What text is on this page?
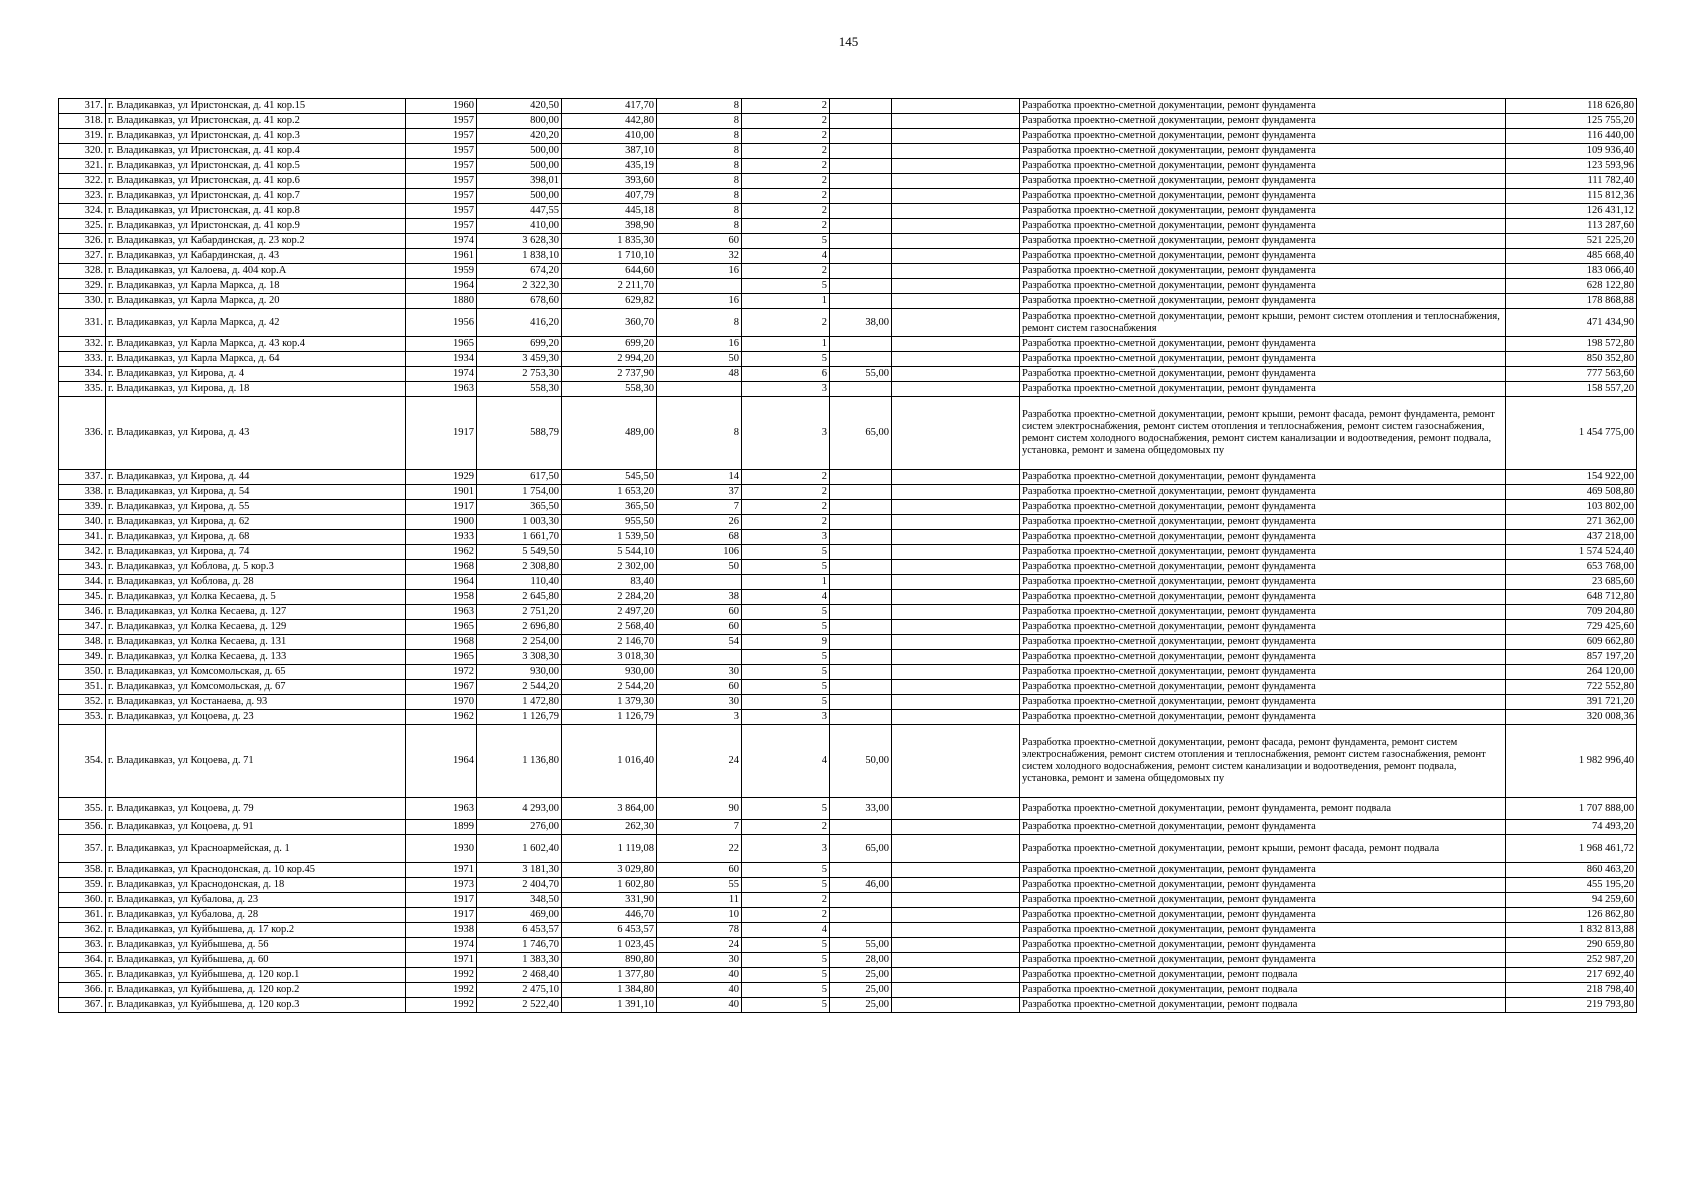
145
317.	г. Владикавказ, ул Иристонская, д. 41 кор.15	1960	420,50	417,70	8	2			Разработка проектно-сметной документации, ремонт фундамента	118 626,80
318.	г. Владикавказ, ул Иристонская, д. 41 кор.2	1957	800,00	442,80	8	2			Разработка проектно-сметной документации, ремонт фундамента	125 755,20
319.	г. Владикавказ, ул Иристонская, д. 41 кор.3	1957	420,20	410,00	8	2			Разработка проектно-сметной документации, ремонт фундамента	116 440,00
320.	г. Владикавказ, ул Иристонская, д. 41 кор.4	1957	500,00	387,10	8	2			Разработка проектно-сметной документации, ремонт фундамента	109 936,40
321.	г. Владикавказ, ул Иристонская, д. 41 кор.5	1957	500,00	435,19	8	2			Разработка проектно-сметной документации, ремонт фундамента	123 593,96
322.	г. Владикавказ, ул Иристонская, д. 41 кор.6	1957	398,01	393,60	8	2			Разработка проектно-сметной документации, ремонт фундамента	111 782,40
323.	г. Владикавказ, ул Иристонская, д. 41 кор.7	1957	500,00	407,79	8	2			Разработка проектно-сметной документации, ремонт фундамента	115 812,36
324.	г. Владикавказ, ул Иристонская, д. 41 кор.8	1957	447,55	445,18	8	2			Разработка проектно-сметной документации, ремонт фундамента	126 431,12
325.	г. Владикавказ, ул Иристонская, д. 41 кор.9	1957	410,00	398,90	8	2			Разработка проектно-сметной документации, ремонт фундамента	113 287,60
326.	г. Владикавказ, ул Кабардинская, д. 23 кор.2	1974	3 628,30	1 835,30	60	5			Разработка проектно-сметной документации, ремонт фундамента	521 225,20
327.	г. Владикавказ, ул Кабардинская, д. 43	1961	1 838,10	1 710,10	32	4			Разработка проектно-сметной документации, ремонт фундамента	485 668,40
328.	г. Владикавказ, ул Калоева, д. 404 кор.А	1959	674,20	644,60	16	2			Разработка проектно-сметной документации, ремонт фундамента	183 066,40
329.	г. Владикавказ, ул Карла Маркса, д. 18	1964	2 322,30	2 211,70		5			Разработка проектно-сметной документации, ремонт фундамента	628 122,80
330.	г. Владикавказ, ул Карла Маркса, д. 20	1880	678,60	629,82	16	1			Разработка проектно-сметной документации, ремонт фундамента	178 868,88
331.	г. Владикавказ, ул Карла Маркса, д. 42	1956	416,20	360,70	8	2	38,00		Разработка проектно-сметной документации, ремонт крыши, ремонт систем отопления и теплоснабжения, ремонт систем газоснабжения	471 434,90
332.	г. Владикавказ, ул Карла Маркса, д. 43 кор.4	1965	699,20	699,20	16	1			Разработка проектно-сметной документации, ремонт фундамента	198 572,80
333.	г. Владикавказ, ул Карла Маркса, д. 64	1934	3 459,30	2 994,20	50	5			Разработка проектно-сметной документации, ремонт фундамента	850 352,80
334.	г. Владикавказ, ул Кирова, д. 4	1974	2 753,30	2 737,90	48	6	55,00		Разработка проектно-сметной документации, ремонт фундамента	777 563,60
335.	г. Владикавказ, ул Кирова, д. 18	1963	558,30	558,30		3			Разработка проектно-сметной документации, ремонт фундамента	158 557,20
336.	г. Владикавказ, ул Кирова, д. 43	1917	588,79	489,00	8	3	65,00		Разработка проектно-сметной документации, ремонт крыши, ремонт фасада, ремонт фундамента, ремонт систем электроснабжения, ремонт систем отопления и теплоснабжения, ремонт систем газоснабжения, ремонт систем холодного водоснабжения, ремонт систем канализации и водоотведения, ремонт подвала, установка, ремонт и замена общедомовых пу	1 454 775,00
337.	г. Владикавказ, ул Кирова, д. 44	1929	617,50	545,50	14	2			Разработка проектно-сметной документации, ремонт фундамента	154 922,00
338.	г. Владикавказ, ул Кирова, д. 54	1901	1 754,00	1 653,20	37	2			Разработка проектно-сметной документации, ремонт фундамента	469 508,80
339.	г. Владикавказ, ул Кирова, д. 55	1917	365,50	365,50	7	2			Разработка проектно-сметной документации, ремонт фундамента	103 802,00
340.	г. Владикавказ, ул Кирова, д. 62	1900	1 003,30	955,50	26	2			Разработка проектно-сметной документации, ремонт фундамента	271 362,00
341.	г. Владикавказ, ул Кирова, д. 68	1933	1 661,70	1 539,50	68	3			Разработка проектно-сметной документации, ремонт фундамента	437 218,00
342.	г. Владикавказ, ул Кирова, д. 74	1962	5 549,50	5 544,10	106	5			Разработка проектно-сметной документации, ремонт фундамента	1 574 524,40
343.	г. Владикавказ, ул Коблова, д. 5 кор.3	1968	2 308,80	2 302,00	50	5			Разработка проектно-сметной документации, ремонт фундамента	653 768,00
344.	г. Владикавказ, ул Коблова, д. 28	1964	110,40	83,40		1			Разработка проектно-сметной документации, ремонт фундамента	23 685,60
345.	г. Владикавказ, ул Колка Кесаева, д. 5	1958	2 645,80	2 284,20	38	4			Разработка проектно-сметной документации, ремонт фундамента	648 712,80
346.	г. Владикавказ, ул Колка Кесаева, д. 127	1963	2 751,20	2 497,20	60	5			Разработка проектно-сметной документации, ремонт фундамента	709 204,80
347.	г. Владикавказ, ул Колка Кесаева, д. 129	1965	2 696,80	2 568,40	60	5			Разработка проектно-сметной документации, ремонт фундамента	729 425,60
348.	г. Владикавказ, ул Колка Кесаева, д. 131	1968	2 254,00	2 146,70	54	9			Разработка проектно-сметной документации, ремонт фундамента	609 662,80
349.	г. Владикавказ, ул Колка Кесаева, д. 133	1965	3 308,30	3 018,30		5			Разработка проектно-сметной документации, ремонт фундамента	857 197,20
350.	г. Владикавказ, ул Комсомольская, д. 65	1972	930,00	930,00	30	5			Разработка проектно-сметной документации, ремонт фундамента	264 120,00
351.	г. Владикавказ, ул Комсомольская, д. 67	1967	2 544,20	2 544,20	60	5			Разработка проектно-сметной документации, ремонт фундамента	722 552,80
352.	г. Владикавказ, ул Костанаева, д. 93	1970	1 472,80	1 379,30	30	5			Разработка проектно-сметной документации, ремонт фундамента	391 721,20
353.	г. Владикавказ, ул Коцоева, д. 23	1962	1 126,79	1 126,79	3	3			Разработка проектно-сметной документации, ремонт фундамента	320 008,36
354.	г. Владикавказ, ул Коцоева, д. 71	1964	1 136,80	1 016,40	24	4	50,00		Разработка проектно-сметной документации, ремонт фасада, ремонт фундамента, ремонт систем электроснабжения, ремонт систем отопления и теплоснабжения, ремонт систем газоснабжения, ремонт систем холодного водоснабжения, ремонт систем канализации и водоотведения, ремонт подвала, установка, ремонт и замена общедомовых пу	1 982 996,40
355.	г. Владикавказ, ул Коцоева, д. 79	1963	4 293,00	3 864,00	90	5	33,00		Разработка проектно-сметной документации, ремонт фундамента, ремонт подвала	1 707 888,00
356.	г. Владикавказ, ул Коцоева, д. 91	1899	276,00	262,30	7	2			Разработка проектно-сметной документации, ремонт фундамента	74 493,20
357.	г. Владикавказ, ул Красноармейская, д. 1	1930	1 602,40	1 119,08	22	3	65,00		Разработка проектно-сметной документации, ремонт крыши, ремонт фасада, ремонт подвала	1 968 461,72
358.	г. Владикавказ, ул Краснодонская, д. 10 кор.45	1971	3 181,30	3 029,80	60	5			Разработка проектно-сметной документации, ремонт фундамента	860 463,20
359.	г. Владикавказ, ул Краснодонская, д. 18	1973	2 404,70	1 602,80	55	5	46,00		Разработка проектно-сметной документации, ремонт фундамента	455 195,20
360.	г. Владикавказ, ул Кубалова, д. 23	1917	348,50	331,90	11	2			Разработка проектно-сметной документации, ремонт фундамента	94 259,60
361.	г. Владикавказ, ул Кубалова, д. 28	1917	469,00	446,70	10	2			Разработка проектно-сметной документации, ремонт фундамента	126 862,80
362.	г. Владикавказ, ул Куйбышева, д. 17 кор.2	1938	6 453,57	6 453,57	78	4			Разработка проектно-сметной документации, ремонт фундамента	1 832 813,88
363.	г. Владикавказ, ул Куйбышева, д. 56	1974	1 746,70	1 023,45	24	5	55,00		Разработка проектно-сметной документации, ремонт фундамента	290 659,80
364.	г. Владикавказ, ул Куйбышева, д. 60	1971	1 383,30	890,80	30	5	28,00		Разработка проектно-сметной документации, ремонт фундамента	252 987,20
365.	г. Владикавказ, ул Куйбышева, д. 120 кор.1	1992	2 468,40	1 377,80	40	5	25,00		Разработка проектно-сметной документации, ремонт подвала	217 692,40
366.	г. Владикавказ, ул Куйбышева, д. 120 кор.2	1992	2 475,10	1 384,80	40	5	25,00		Разработка проектно-сметной документации, ремонт подвала	218 798,40
367.	г. Владикавказ, ул Куйбышева, д. 120 кор.3	1992	2 522,40	1 391,10	40	5	25,00		Разработка проектно-сметной документации, ремонт подвала	219 793,80
